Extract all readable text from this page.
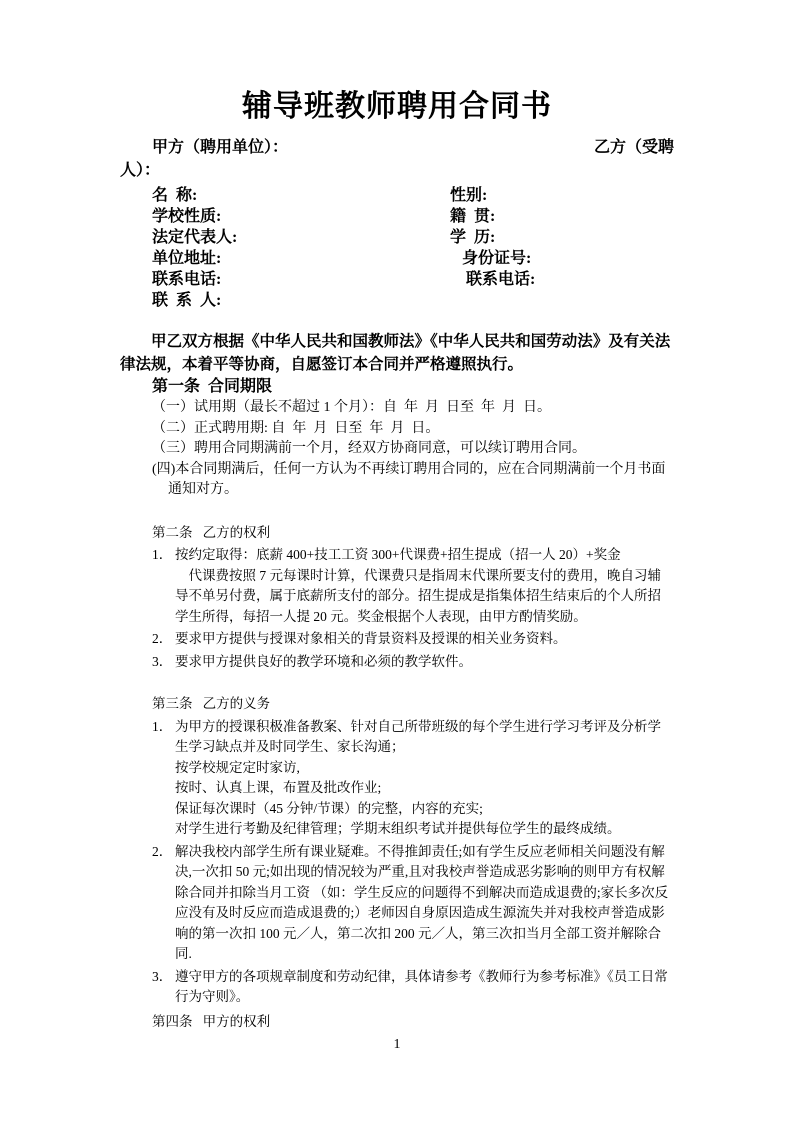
辅导班教师聘用合同书
甲方（聘用单位）：	乙方（受聘
人）：
名  称:	性别:
学校性质:	籍  贯:
法定代表人:	学  历:
单位地址:	身份证号:
联系电话:	联系电话:
联  系  人:

甲乙双方根据《中华人民共和国教师法》《中华人民共和国劳动法》及有关法律法规，本着平等协商，自愿签订本合同并严格遵照执行。

第一条  合同期限
（一）试用期（最长不超过 1 个月）：自  年  月  日至  年  月  日。
（二）正式聘用期: 自  年  月  日至  年  月  日。
（三）聘用合同期满前一个月，经双方协商同意，可以续订聘用合同。
(四)本合同期满后，任何一方认为不再续订聘用合同的，应在合同期满前一个月书面通知对方。
第二条   乙方的权利
1． 按约定取得：底薪 400+技工工资 300+代课费+招生提成（招一人 20）+奖金
代课费按照 7 元每课时计算，代课费只是指周末代课所要支付的费用，晚自习辅导不单另付费，属于底薪所支付的部分。招生提成是指集体招生结束后的个人所招学生所得，每招一人提 20 元。奖金根据个人表现，由甲方酌情奖励。
2． 要求甲方提供与授课对象相关的背景资料及授课的相关业务资料。
3． 要求甲方提供良好的教学环境和必须的教学软件。
第三条   乙方的义务
1． 为甲方的授课积极准备教案、针对自己所带班级的每个学生进行学习考评及分析学生学习缺点并及时同学生、家长沟通；
按学校规定定时家访,
按时、认真上课，布置及批改作业;
保证每次课时（45 分钟/节课）的完整，内容的充实;
对学生进行考勤及纪律管理；学期末组织考试并提供每位学生的最终成绩。
2． 解决我校内部学生所有课业疑难。不得推卸责任;如有学生反应老师相关问题没有解决,一次扣 50 元;如出现的情况较为严重,且对我校声誉造成恶劣影响的则甲方有权解除合同并扣除当月工资 （如：学生反应的问题得不到解决而造成退费的;家长多次反应没有及时反应而造成退费的;）老师因自身原因造成生源流失并对我校声誉造成影响的第一次扣 100 元／人，第二次扣 200 元／人，第三次扣当月全部工资并解除合同.
3． 遵守甲方的各项规章制度和劳动纪律，具体请参考《教师行为参考标准》《员工日常行为守则》。
第四条   甲方的权利
1
